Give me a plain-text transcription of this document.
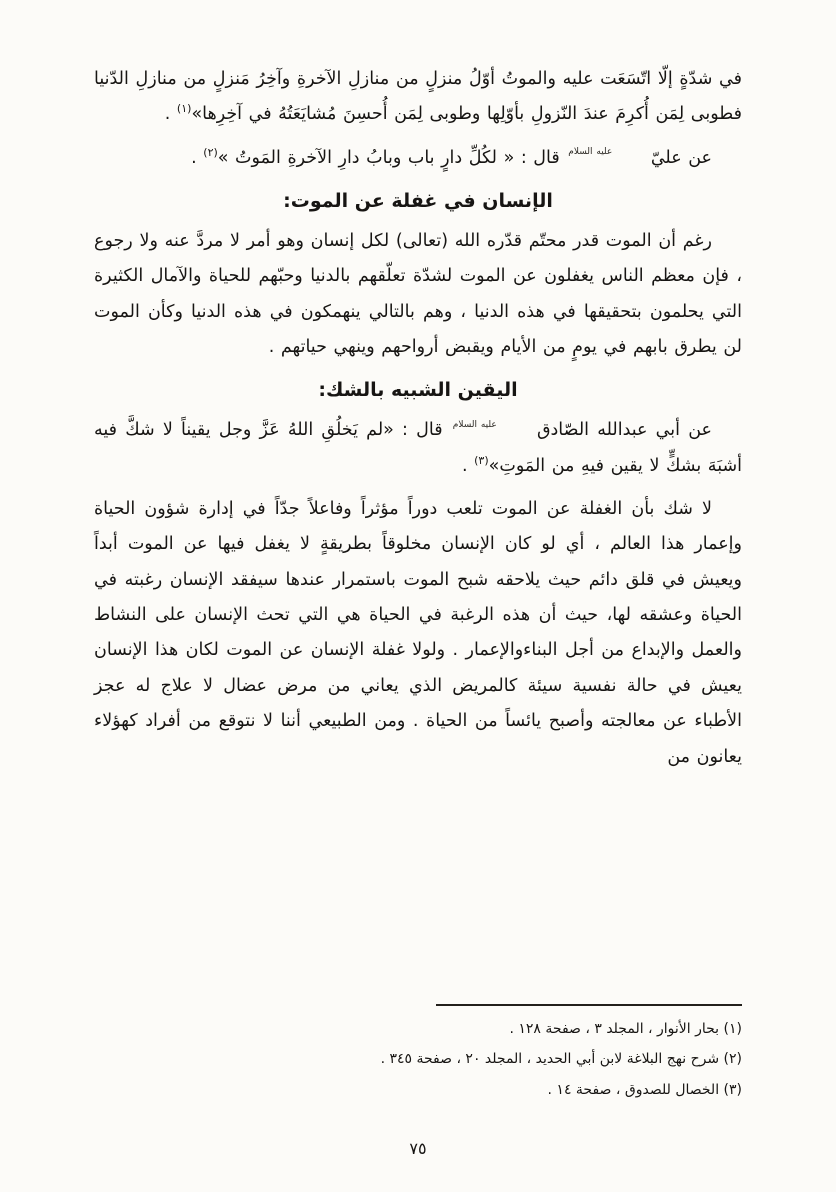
في شدّةٍ إلّا اتّسَعَت عليه والموتُ أوّلُ منزلٍ من منازلِ الآخرةِ وآخِرُ مَنزلٍ من منازلِ الدّنيا فطوبى لِمَن أُكرِمَ عندَ النّزولِ بأوّلِها وطوبى لِمَن أُحسِنَ مُشايَعَتُهُ في آخِرِها»$^{(١)}$ .

عن عليّ عليه السلام قال : « لكُلِّ دارٍ باب وبابُ دارِ الآخرةِ المَوتُ »$^{(٢)}$ .

الإنسان في غفلة عن الموت:

رغم أن الموت قدر محتّم قدّره الله (تعالى) لكل إنسان وهو أمر لا مردَّ عنه ولا رجوع ، فإن معظم الناس يغفلون عن الموت لشدّة تعلّقهم بالدنيا وحبّهم للحياة والآمال الكثيرة التي يحلمون بتحقيقها في هذه الدنيا ، وهم بالتالي ينهمكون في هذه الدنيا وكأن الموت لن يطرق بابهم في يومٍ من الأيام ويقبض أرواحهم وينهي حياتهم .

اليقين الشبيه بالشك:

عن أبي عبدالله الصّادق عليه السلام قال : «لم يَخلُقِ اللهُ عَزَّ وجل يقيناً لا شكَّ فيه أشبَهَ بشكٍّ لا يقين فيهِ من المَوتِ»$^{(٣)}$ .

لا شك بأن الغفلة عن الموت تلعب دوراً مؤثراً وفاعلاً جدّاً في إدارة شؤون الحياة وإعمار هذا العالم ، أي لو كان الإنسان مخلوقاً بطريقةٍ لا يغفل فيها عن الموت أبداً ويعيش في قلق دائم حيث يلاحقه شبح الموت باستمرار عندها سيفقد الإنسان رغبته في الحياة وعشقه لها، حيث أن هذه الرغبة في الحياة هي التي تحث الإنسان على النشاط والعمل والإبداع من أجل البناءوالإعمار . ولولا غفلة الإنسان عن الموت لكان هذا الإنسان يعيش في حالة نفسية سيئة كالمريض الذي يعاني من مرض عضال لا علاج له عجز الأطباء عن معالجته وأصبح يائساً من الحياة . ومن الطبيعي أننا لا نتوقع من أفراد كهؤلاء يعانون من

(١) بحار الأنوار ، المجلد ٣ ، صفحة ١٢٨ .

(٢) شرح نهج البلاغة لابن أبي الحديد ، المجلد ٢٠ ، صفحة ٣٤٥ .

(٣) الخصال للصدوق ، صفحة ١٤ .

٧٥
